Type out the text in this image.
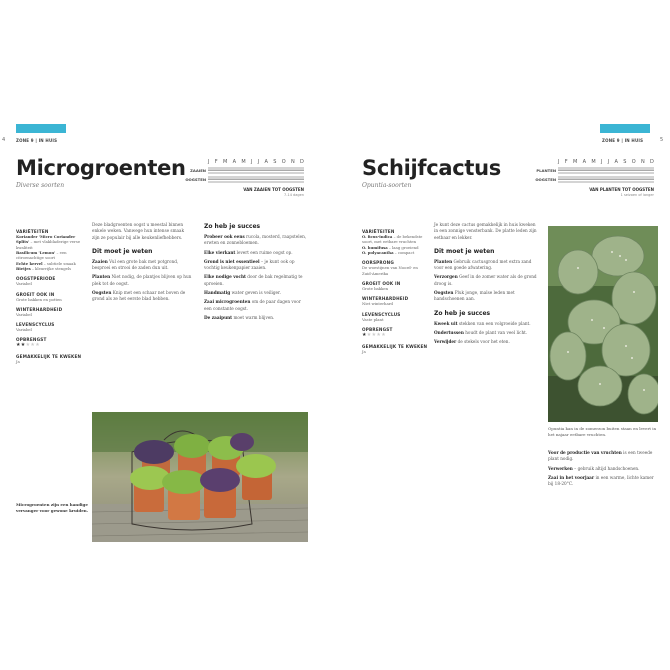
4	ZONE 9 | IN HUIS
Microgroenten
Diverse soorten
J F M A M J J A S O N D
ZAAIEN
OOGSTEN
VAN ZAAIEN TOT OOGSTEN
7-14 dagen
VARIËTEITEN
Koriander 'Micro Coriander Splits' – met vlakbladerige verse kwaliteit
Basilicum 'Lemon' – een citroenachtige soort
Echte kervel – subtiele smaak
Bietjes – kleurrijke stengels
OOGSTPERIODE
Variabel
GROEIT OOK IN
Grote bakken en potten
WINTERHARDHEID
Variabel
LEVENSCYCLUS
Variabel
OPBRENGST
★★★★★
GEMAKKELIJK TE KWEKEN
Ja

Deze bladgroenten oogst u meestal binnen enkele weken. Vanwege hun intense smaak zijn ze populair bij alle keukenliefhebbers.

Dit moet je weten

Zaaien Vul een grote bak met potgrond, besproei en strooi de zaden dun uit.

Planten Niet nodig, de plantjes blijven op hun plek tot de oogst.

Oogsten Knip met een schaar net boven de grond als ze het eerste blad hebben.

Zo heb je succes

Probeer ook eens rucola, mosterd, raapstelen, erwten en zonnebloemen.

Elke vierkant levert een ruime oogst op.

Grond is niet essentieel – je kunt ook op vochtig keukenpapier zaaien.

Elke nodige vocht door de bak regelmatig te sproeien.

Handmatig water geven is veiliger.

Zaai microgroenten om de paar dagen voor een constante oogst.

De zaaipunt moet warm blijven.

Microgroenten zijn een handige vervanger voor gewone kruiden.
ZONE 9 | IN HUIS	5
Schijfcactus
Opuntia-soorten
J F M A M J J A S O N D
PLANTEN
OOGSTEN
VAN PLANTEN TOT OOGSTEN
1 seizoen of langer
VARIËTEITEN
O. ficus-indica – de bekendste soort, met eetbare vruchten
O. humifusa – laag groeiend
O. polyacantha – compact
OORSPRONG
De woestijnen van Noord- en Zuid-Amerika
GROEIT OOK IN
Grote bakken
WINTERHARDHEID
Niet winterhard
LEVENSCYCLUS
Vaste plant
OPBRENGST
★★★★★
GEMAKKELIJK TE KWEKEN
Ja

Je kunt deze cactus gemakkelijk in huis kweken in een zonnige vensterbank. De platte leden zijn eetbaar en lekker.

Dit moet je weten

Planten Gebruik cactusgrond met extra zand voor een goede afwatering.

Verzorgen Geef in de zomer water als de grond droog is.

Oogsten Pluk jonge, malse leden met handschoenen aan.

Zo heb je succes

Kweek uit stekken van een volgroeide plant.

Ondertussen houdt de plant van veel licht.

Verwijder de stekels voor het eten.

Opuntia kan in de zomerzon buiten staan en levert in het najaar eetbare vruchten.

Voor de productie van vruchten is een tweede plant nodig.

Verwerken – gebruik altijd handschoenen.

Zaai in het voorjaar in een warme, lichte kamer bij 18-20°C.
